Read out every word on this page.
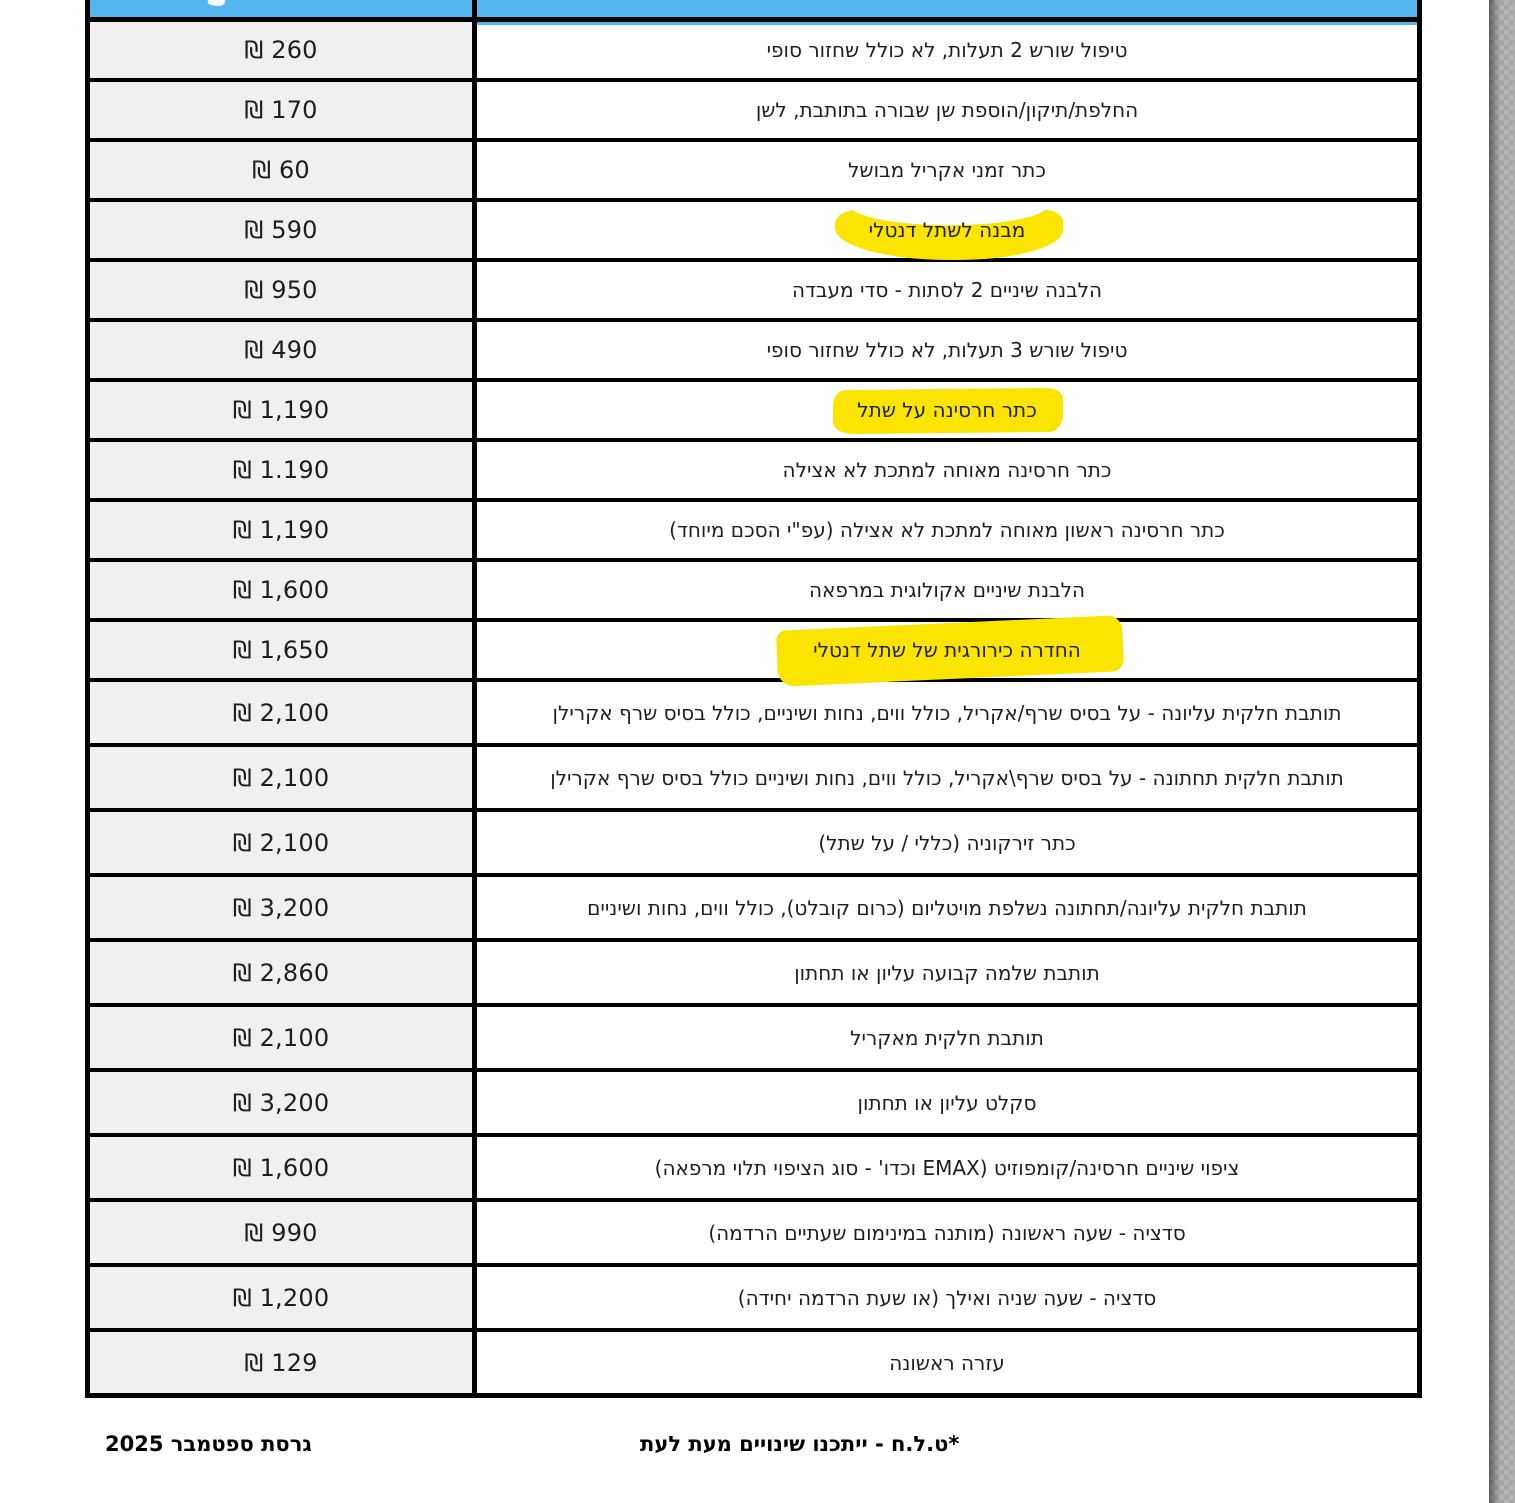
260 ₪	טיפול שורש 2 תעלות, לא כולל שחזור סופי
170 ₪	החלפת/תיקון/הוספת שן שבורה בתותבת, לשן
60 ₪	כתר זמני אקריל מבושל
590 ₪	מבנה לשתל דנטלי
950 ₪	הלבנה שיניים 2 לסתות - סדי מעבדה
490 ₪	טיפול שורש 3 תעלות, לא כולל שחזור סופי
1,190 ₪	כתר חרסינה על שתל
1.190 ₪	כתר חרסינה מאוחה למתכת לא אצילה
1,190 ₪	כתר חרסינה ראשון מאוחה למתכת לא אצילה (עפ"י הסכם מיוחד)
1,600 ₪	הלבנת שיניים אקולוגית במרפאה
1,650 ₪	החדרה כירורגית של שתל דנטלי
2,100 ₪	תותבת חלקית עליונה - על בסיס שרף/אקריל, כולל ווים, נחות ושיניים, כולל בסיס שרף אקרילן
2,100 ₪	תותבת חלקית תחתונה - על בסיס שרף\אקריל, כולל ווים, נחות ושיניים כולל בסיס שרף אקרילן
2,100 ₪	כתר זירקוניה (כללי / על שתל)
3,200 ₪	תותבת חלקית עליונה/תחתונה נשלפת מויטליום (כרום קובלט), כולל ווים, נחות ושיניים
2,860 ₪	תותבת שלמה קבועה עליון או תחתון
2,100 ₪	תותבת חלקית מאקריל
3,200 ₪	סקלט עליון או תחתון
1,600 ₪	ציפוי שיניים חרסינה/קומפוזיט (EMAX וכדו' - סוג הציפוי תלוי מרפאה)
990 ₪	סדציה - שעה ראשונה (מותנה במינימום שעתיים הרדמה)
1,200 ₪	סדציה - שעה שניה ואילך (או שעת הרדמה יחידה)
129 ₪	עזרה ראשונה
גרסת ספטמבר 2025	*ט.ל.ח - ייתכנו שינויים מעת לעת
